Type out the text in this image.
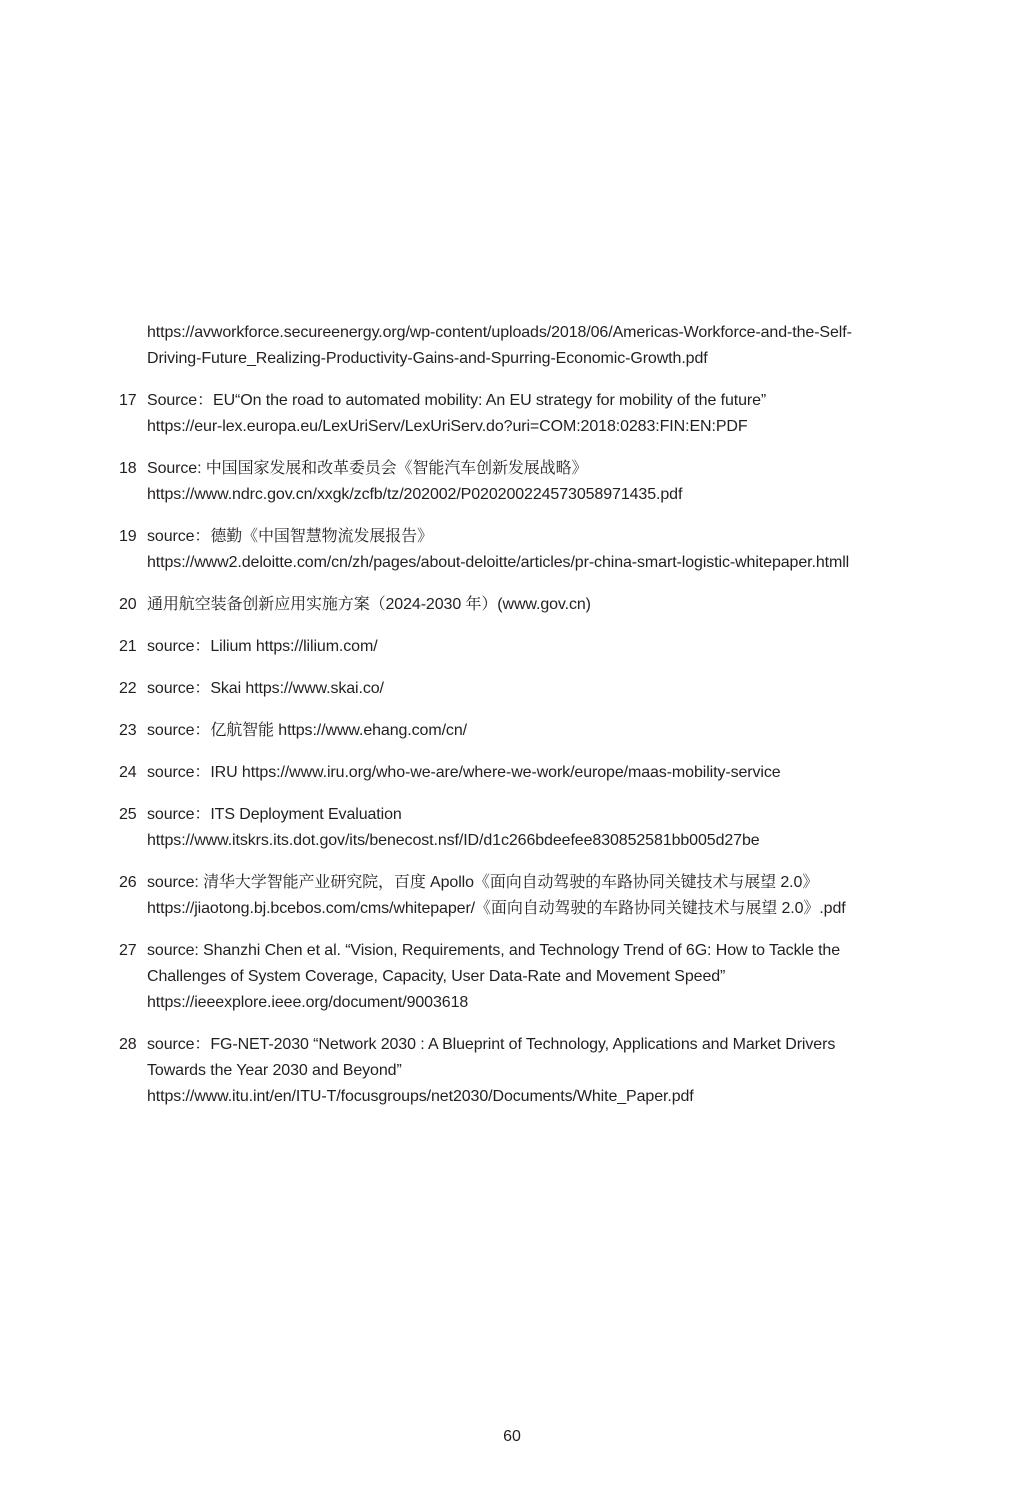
https://avworkforce.secureenergy.org/wp-content/uploads/2018/06/Americas-Workforce-and-the-Self-
Driving-Future_Realizing-Productivity-Gains-and-Spurring-Economic-Growth.pdf
17 Source：EU“On the road to automated mobility: An EU strategy for mobility of the future”
https://eur-lex.europa.eu/LexUriServ/LexUriServ.do?uri=COM:2018:0283:FIN:EN:PDF
18 Source: 中国国家发展和改革委员会《智能汽车创新发展战略》
https://www.ndrc.gov.cn/xxgk/zcfb/tz/202002/P020200224573058971435.pdf
19 source：德勤《中国智慧物流发展报告》
https://www2.deloitte.com/cn/zh/pages/about-deloitte/articles/pr-china-smart-logistic-whitepaper.htmll
20 通用航空装备创新应用实施方案（2024-2030 年）(www.gov.cn)
21 source：Lilium https://lilium.com/
22 source：Skai https://www.skai.co/
23 source：亿航智能 https://www.ehang.com/cn/
24 source：IRU https://www.iru.org/who-we-are/where-we-work/europe/maas-mobility-service
25 source：ITS Deployment Evaluation
https://www.itskrs.its.dot.gov/its/benecost.nsf/ID/d1c266bdeefee830852581bb005d27be
26 source: 清华大学智能产业研究院，百度 Apollo《面向自动驾驶的车路协同关键技术与展望 2.0》
https://jiaotong.bj.bcebos.com/cms/whitepaper/《面向自动驾驶的车路协同关键技术与展望 2.0》.pdf
27 source: Shanzhi Chen et al. “Vision, Requirements, and Technology Trend of 6G: How to Tackle the
Challenges of System Coverage, Capacity, User Data-Rate and Movement Speed”
https://ieeexplore.ieee.org/document/9003618
28 source：FG-NET-2030 “Network 2030 : A Blueprint of Technology, Applications and Market Drivers
Towards the Year 2030 and Beyond”
https://www.itu.int/en/ITU-T/focusgroups/net2030/Documents/White_Paper.pdf
60
